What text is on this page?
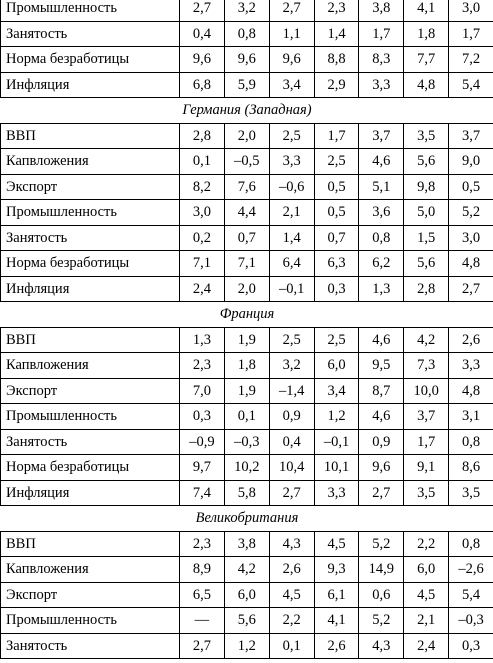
Промышленность	2,7	3,2	2,7	2,3	3,8	4,1	3,0
Занятость	0,4	0,8	1,1	1,4	1,7	1,8	1,7
Норма безработицы	9,6	9,6	9,6	8,8	8,3	7,7	7,2
Инфляция	6,8	5,9	3,4	2,9	3,3	4,8	5,4
Германия (Западная)							
ВВП	2,8	2,0	2,5	1,7	3,7	3,5	3,7
Капвложения	0,1	–0,5	3,3	2,5	4,6	5,6	9,0
Экспорт	8,2	7,6	–0,6	0,5	5,1	9,8	0,5
Промышленность	3,0	4,4	2,1	0,5	3,6	5,0	5,2
Занятость	0,2	0,7	1,4	0,7	0,8	1,5	3,0
Норма безработицы	7,1	7,1	6,4	6,3	6,2	5,6	4,8
Инфляция	2,4	2,0	–0,1	0,3	1,3	2,8	2,7
Франция							
ВВП	1,3	1,9	2,5	2,5	4,6	4,2	2,6
Капвложения	2,3	1,8	3,2	6,0	9,5	7,3	3,3
Экспорт	7,0	1,9	–1,4	3,4	8,7	10,0	4,8
Промышленность	0,3	0,1	0,9	1,2	4,6	3,7	3,1
Занятость	–0,9	–0,3	0,4	–0,1	0,9	1,7	0,8
Норма безработицы	9,7	10,2	10,4	10,1	9,6	9,1	8,6
Инфляция	7,4	5,8	2,7	3,3	2,7	3,5	3,5
Великобритания							
ВВП	2,3	3,8	4,3	4,5	5,2	2,2	0,8
Капвложения	8,9	4,2	2,6	9,3	14,9	6,0	–2,6
Экспорт	6,5	6,0	4,5	6,1	0,6	4,5	5,4
Промышленность	—	5,6	2,2	4,1	5,2	2,1	–0,3
Занятость	2,7	1,2	0,1	2,6	4,3	2,4	0,3
